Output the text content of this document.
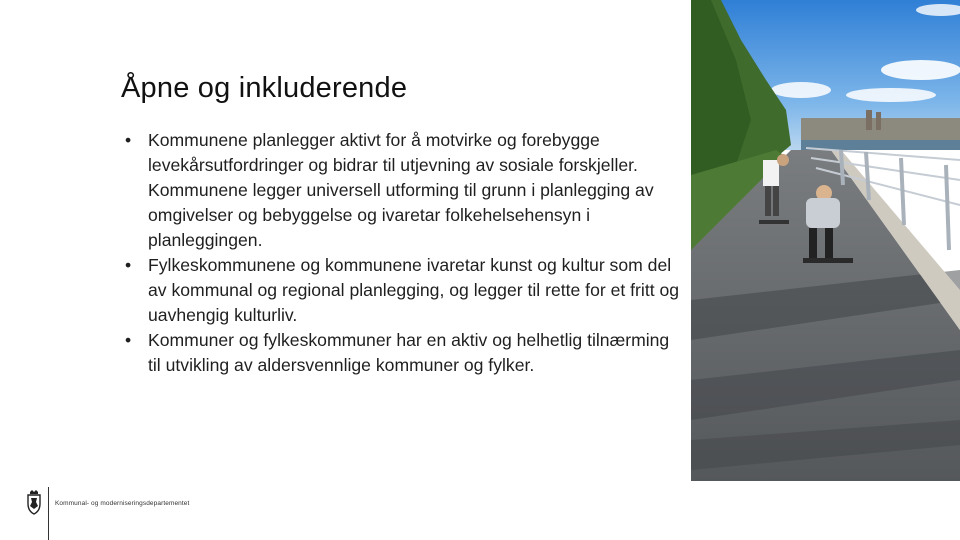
Åpne og inkluderende
• Kommunene planlegger aktivt for å motvirke og forebygge levekårsutfordringer og bidrar til utjevning av sosiale forskjeller. Kommunene legger universell utforming til grunn i planlegging av omgivelser og bebyggelse og ivaretar folkehelsehensyn i planleggingen.
• Fylkeskommunene og kommunene ivaretar kunst og kultur som del av kommunal og regional planlegging, og legger til rette for et fritt og uavhengig kulturliv.
• Kommuner og fylkeskommuner har en aktiv og helhetlig tilnærming til utvikling av aldersvennlige kommuner og fylker.
Kommunal- og moderniseringsdepartementet
